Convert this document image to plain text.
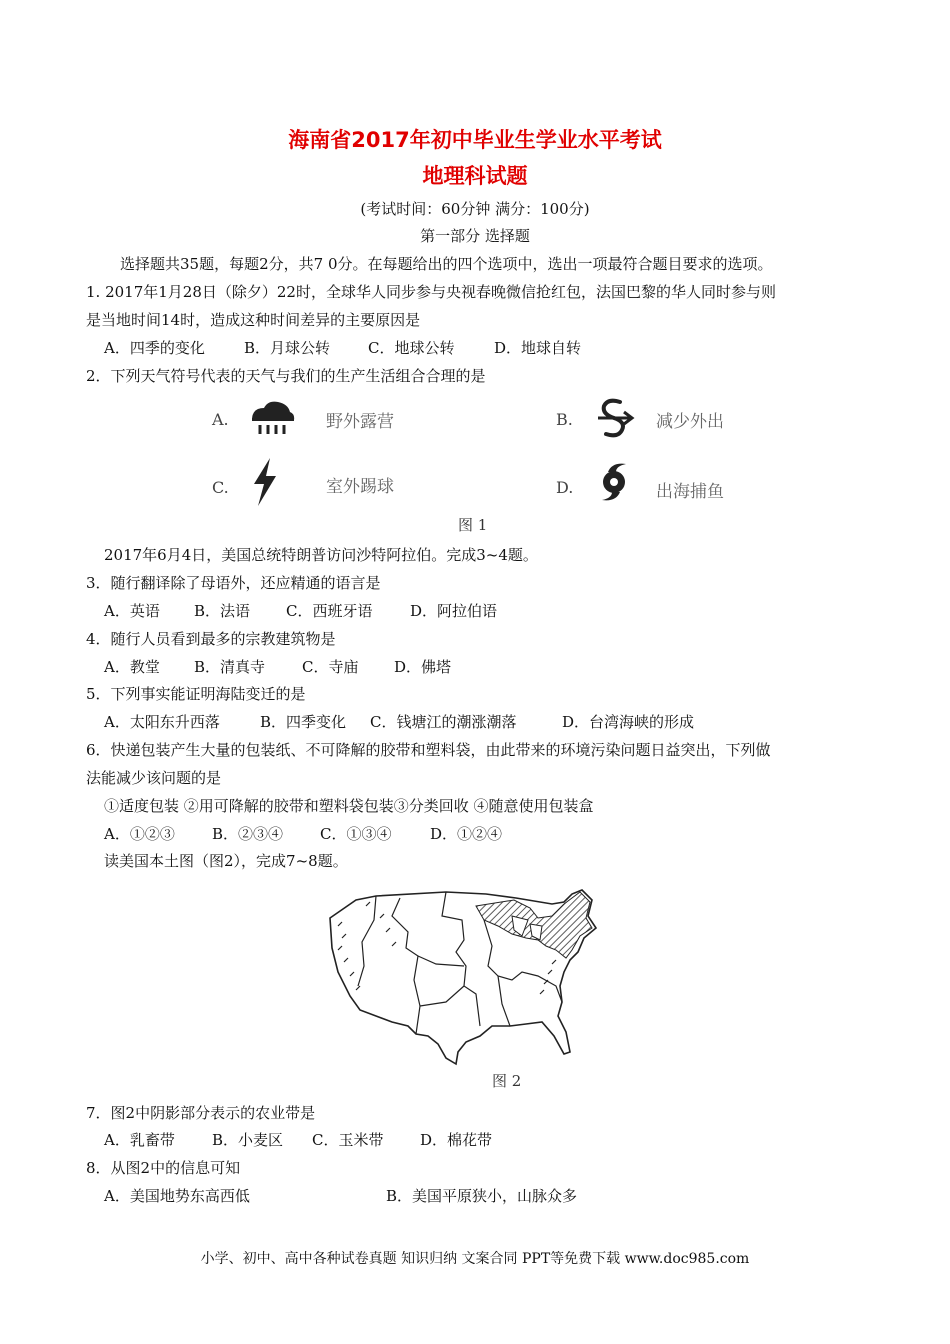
海南省2017年初中毕业生学业水平考试
地理科试题
(考试时间：60分钟 满分：100分)
第一部分 选择题
选择题共35题，每题2分，共7 0分。在每题给出的四个选项中，选出一项最符合题目要求的选项。
1. 2017年1月28日（除夕）22时，全球华人同步参与央视春晚微信抢红包，法国巴黎的华人同时参与则
是当地时间14时，造成这种时间差异的主要原因是
A．四季的变化	B．月球公转	C．地球公转	D．地球自转
2．下列天气符号代表的天气与我们的生产生活组合合理的是
A.	野外露营	B.	减少外出
C.	室外踢球	D.	出海捕鱼
图 1
2017年6月4日，美国总统特朗普访问沙特阿拉伯。完成3~4题。
3．随行翻译除了母语外，还应精通的语言是
A．英语 B．法语 C．西班牙语	D．阿拉伯语
4．随行人员看到最多的宗教建筑物是
A．教堂 B．清真寺 C．寺庙 D．佛塔
5．下列事实能证明海陆变迁的是
A．太阳东升西落	B．四季变化 C．钱塘江的潮涨潮落	D．台湾海峡的形成
6．快递包装产生大量的包装纸、不可降解的胶带和塑料袋，由此带来的环境污染问题日益突出，下列做
法能减少该问题的是
①适度包装 ②用可降解的胶带和塑料袋包装③分类回收 ④随意使用包装盒
A．①②③ B．②③④ C．①③④	D．①②④
读美国本土图（图2），完成7~8题。
图 2
7．图2中阴影部分表示的农业带是
A．乳畜带 B．小麦区 C．玉米带 D．棉花带
8．从图2中的信息可知
A．美国地势东高西低	B．美国平原狭小，山脉众多
小学、初中、高中各种试卷真题 知识归纳 文案合同 PPT等免费下载 www.doc985.com
